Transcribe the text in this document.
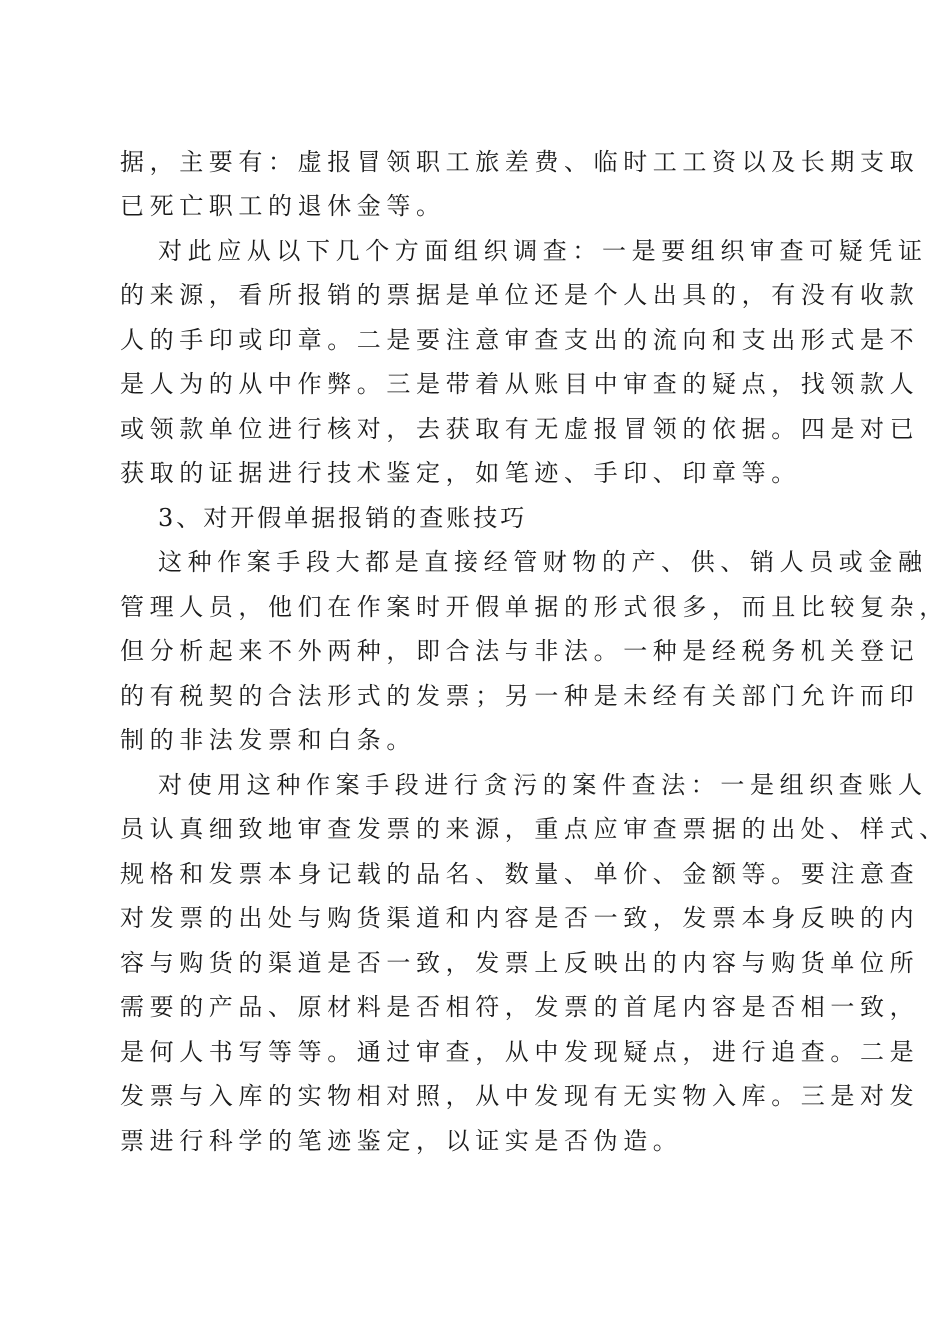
据，主要有：虚报冒领职工旅差费、临时工工资以及长期支取
已死亡职工的退休金等。
对此应从以下几个方面组织调查：一是要组织审查可疑凭证
的来源，看所报销的票据是单位还是个人出具的，有没有收款
人的手印或印章。二是要注意审查支出的流向和支出形式是不
是人为的从中作弊。三是带着从账目中审查的疑点，找领款人
或领款单位进行核对，去获取有无虚报冒领的依据。四是对已
获取的证据进行技术鉴定，如笔迹、手印、印章等。
3、对开假单据报销的查账技巧
这种作案手段大都是直接经管财物的产、供、销人员或金融
管理人员，他们在作案时开假单据的形式很多，而且比较复杂，
但分析起来不外两种，即合法与非法。一种是经税务机关登记
的有税契的合法形式的发票；另一种是未经有关部门允许而印
制的非法发票和白条。
对使用这种作案手段进行贪污的案件查法：一是组织查账人
员认真细致地审查发票的来源，重点应审查票据的出处、样式、
规格和发票本身记载的品名、数量、单价、金额等。要注意查
对发票的出处与购货渠道和内容是否一致，发票本身反映的内
容与购货的渠道是否一致，发票上反映出的内容与购货单位所
需要的产品、原材料是否相符，发票的首尾内容是否相一致，
是何人书写等等。通过审查，从中发现疑点，进行追查。二是
发票与入库的实物相对照，从中发现有无实物入库。三是对发
票进行科学的笔迹鉴定，以证实是否伪造。
